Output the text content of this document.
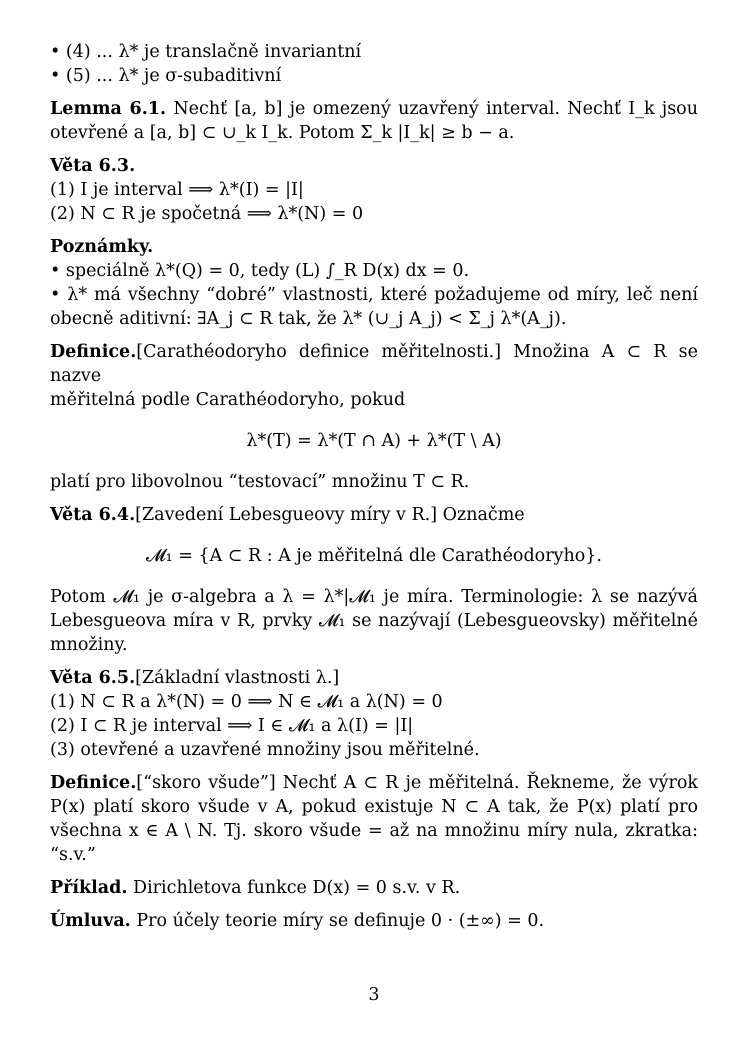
• (4) ... λ* je translačně invariantní
• (5) ... λ* je σ-subaditivní
Lemma 6.1. Nechť [a, b] je omezený uzavřený interval. Nechť I_k jsou
otevřené a [a, b] ⊂ ∪_k I_k. Potom Σ_k |I_k| ≥ b − a.
Věta 6.3.
(1) I je interval ⟹ λ*(I) = |I|
(2) N ⊂ R je spočetná ⟹ λ*(N) = 0
Poznámky.
• speciálně λ*(Q) = 0, tedy (L) ∫_R D(x) dx = 0.
• λ* má všechny “dobré” vlastnosti, které požadujeme od míry, leč není
obecně aditivní: ∃A_j ⊂ R tak, že λ* (∪_j A_j) < Σ_j λ*(A_j).
Definice.[Carathéodoryho definice měřitelnosti.] Množina A ⊂ R se nazve
měřitelná podle Carathéodoryho, pokud
λ*(T) = λ*(T ∩ A) + λ*(T \ A)
platí pro libovolnou “testovací” množinu T ⊂ R.
Věta 6.4.[Zavedení Lebesgueovy míry v R.] Označme
𝓜₁ = {A ⊂ R : A je měřitelná dle Carathéodoryho}.
Potom 𝓜₁ je σ-algebra a λ = λ*|𝓜₁ je míra. Terminologie: λ se nazývá
Lebesgueova míra v R, prvky 𝓜₁ se nazývají (Lebesgueovsky) měřitelné
množiny.
Věta 6.5.[Základní vlastnosti λ.]
(1) N ⊂ R a λ*(N) = 0 ⟹ N ∈ 𝓜₁ a λ(N) = 0
(2) I ⊂ R je interval ⟹ I ∈ 𝓜₁ a λ(I) = |I|
(3) otevřené a uzavřené množiny jsou měřitelné.
Definice.[“skoro všude”] Nechť A ⊂ R je měřitelná. Řekneme, že výrok
P(x) platí skoro všude v A, pokud existuje N ⊂ A tak, že P(x) platí pro
všechna x ∈ A \ N. Tj. skoro všude = až na množinu míry nula, zkratka:
“s.v.”
Příklad. Dirichletova funkce D(x) = 0 s.v. v R.
Úmluva. Pro účely teorie míry se definuje 0 · (±∞) = 0.
3
